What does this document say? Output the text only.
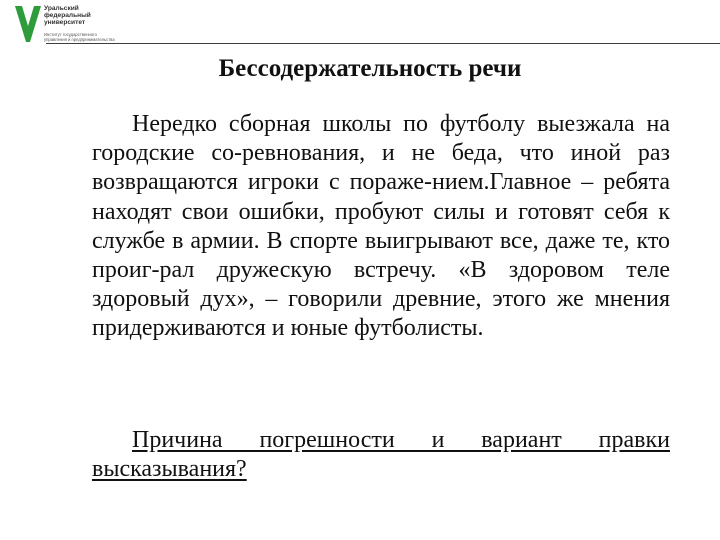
Уральский
федеральный
университет
Институт государственного
управления и предпринимательства
Бессодержательность речи

Нередко сборная школы по футболу выезжала на городские со-ревнования, и не беда, что иной раз возвращаются игроки с пораже-нием.Главное – ребята находят свои ошибки, пробуют силы и готовят себя к службе в армии. В спорте выигрывают все, даже те, кто проиг-рал дружескую встречу. «В здоровом теле здоровый дух», – говорили древние, этого же мнения придерживаются и юные футболисты.

Причина погрешности и вариант правки высказывания?
